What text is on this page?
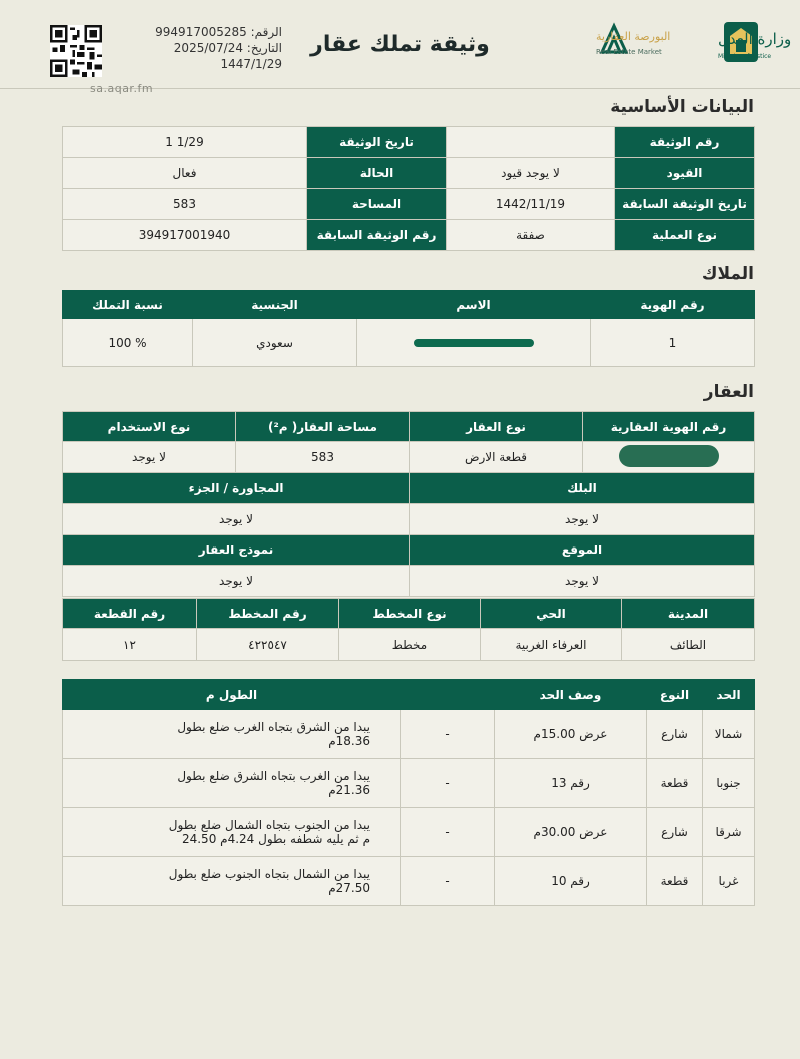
وزارة العدل
Ministry of Justice
البورصة العقارية
Real Estate Market
وثيقة تملك عقار
الرقم: 994917005285
التاريخ: 2025/07/24
1447/1/29
sa.aqar.fm
البيانات الأساسية
رقم الوثيقة		تاريخ الوثيقة	1/29‏ 1
القيود	لا يوجد قيود	الحالة	فعال
تاريخ الوثيقة السابقة	1442/11/19	المساحة	583
نوع العملية	صفقة	رقم الوثيقة السابقة	394917001940
الملاك
رقم الهوية	الاسم	الجنسية	نسبة التملك
1		سعودي	100 %
العقار
رقم الهوية العقارية	نوع العقار	مساحة العقار( م²)	نوع الاستخدام
	قطعة الارض	583	لا يوجد
البلك		المجاورة / الجزء	
لا يوجد		لا يوجد	
الموقع		نموذج العقار	
لا يوجد		لا يوجد	
المدينة	الحي	نوع المخطط	رقم المخطط	رقم القطعة
الطائف	العرفاء الغربية	مخطط	٤٢٢٥٤٧	١٢
الحد	النوع	وصف الحد		الطول م
شمالا	شارع	عرض 15.00م	-	يبدا من الشرق بتجاه الغرب ضلع بطول
18.36م

جنوبا	قطعة	رقم 13	-	يبدا من الغرب بتجاه الشرق ضلع بطول
21.36م

شرقا	شارع	عرض 30.00م	-	يبدا من الجنوب بتجاه الشمال ضلع بطول
م ثم يليه شطفه بطول 4.24م 24.50

غربا	قطعة	رقم 10	-	يبدا من الشمال بتجاه الجنوب ضلع بطول
27.50م
